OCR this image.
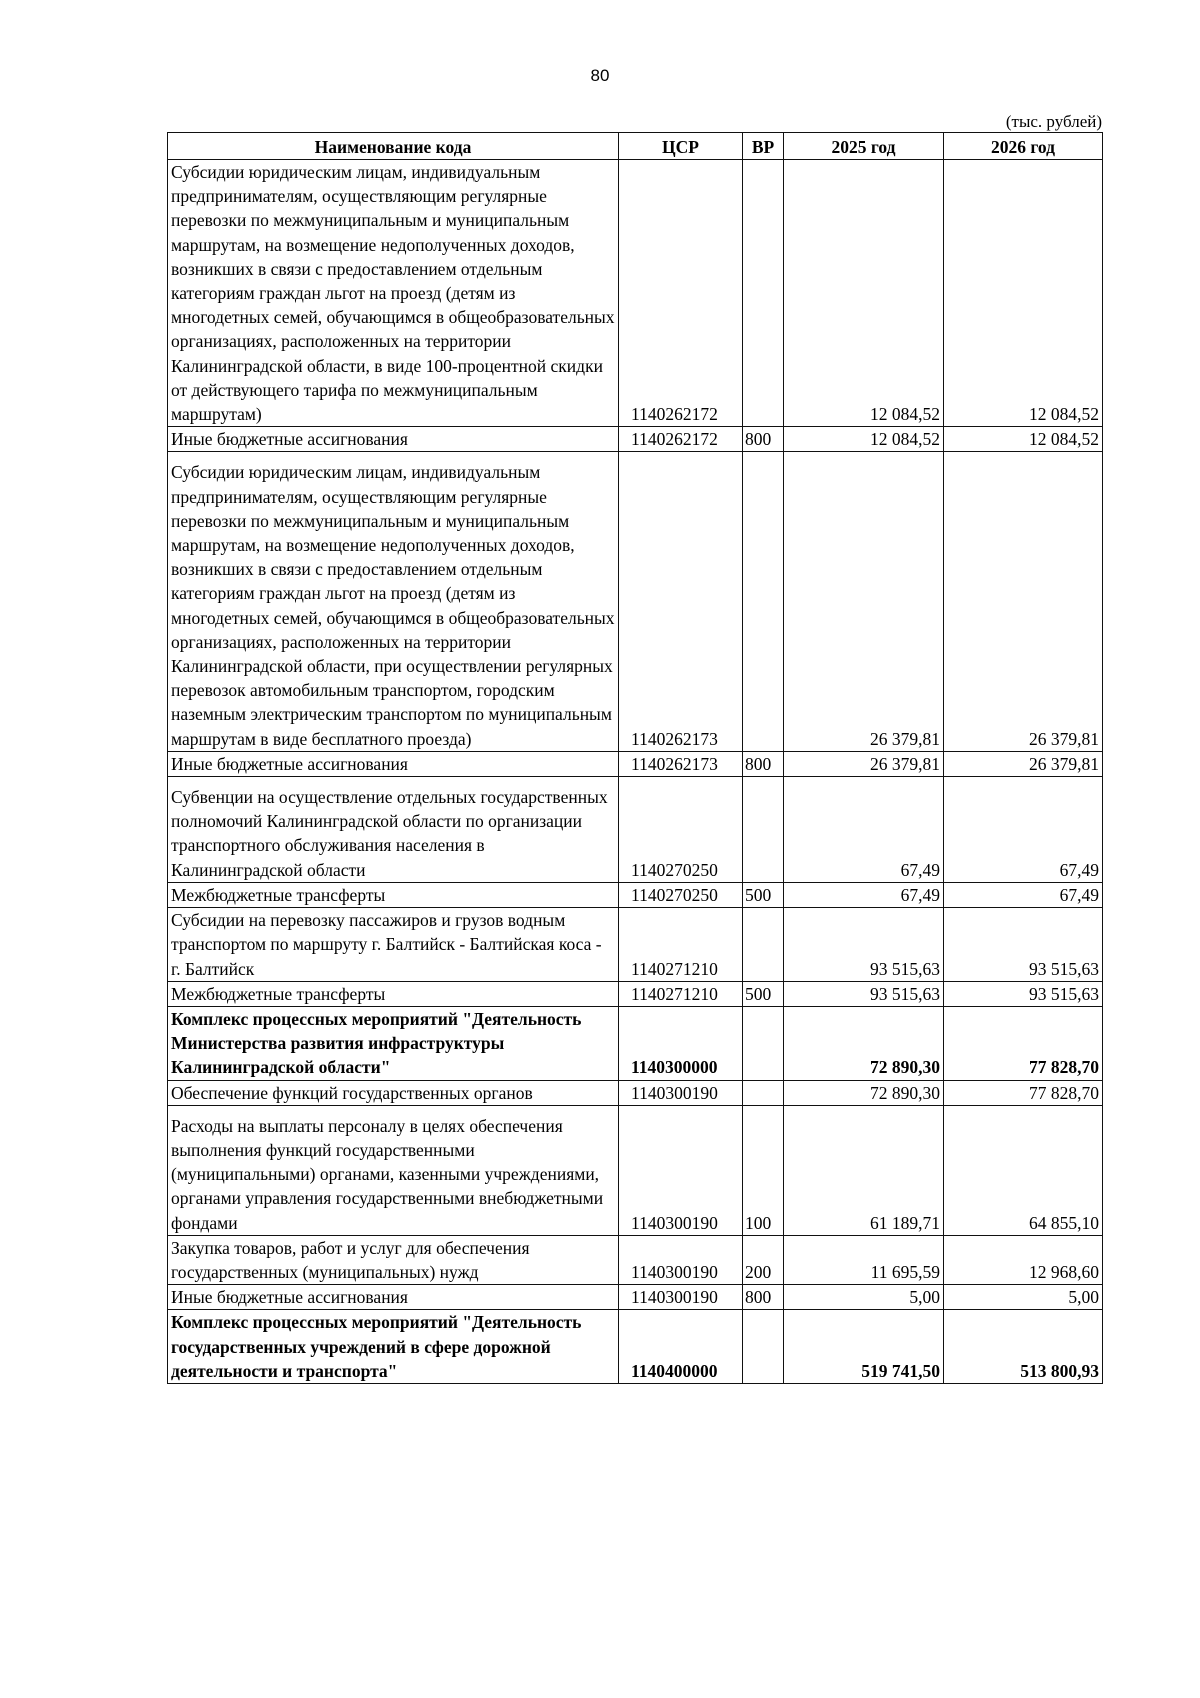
80
(тыс. рублей)
Наименование кода	ЦСР	ВР	2025 год	2026 год
Субсидии юридическим лицам, индивидуальным предпринимателям, осуществляющим регулярные перевозки по межмуниципальным и муниципальным маршрутам, на возмещение недополученных доходов, возникших в связи с предоставлением отдельным категориям граждан льгот на проезд (детям из многодетных семей, обучающимся в общеобразовательных организациях, расположенных на территории Калининградской области, в виде 100-процентной скидки от действующего тарифа по межмуниципальным маршрутам)	1140262172		12 084,52	12 084,52
Иные бюджетные ассигнования	1140262172	800	12 084,52	12 084,52
Субсидии юридическим лицам, индивидуальным предпринимателям, осуществляющим регулярные перевозки по межмуниципальным и муниципальным маршрутам, на возмещение недополученных доходов, возникших в связи с предоставлением отдельным категориям граждан льгот на проезд (детям из многодетных семей, обучающимся в общеобразовательных организациях, расположенных на территории Калининградской области, при осуществлении регулярных перевозок автомобильным транспортом, городским наземным электрическим транспортом по муниципальным маршрутам в виде бесплатного проезда)	1140262173		26 379,81	26 379,81
Иные бюджетные ассигнования	1140262173	800	26 379,81	26 379,81
Субвенции на осуществление отдельных государственных полномочий Калининградской области по организации транспортного обслуживания населения в Калининградской области	1140270250		67,49	67,49
Межбюджетные трансферты	1140270250	500	67,49	67,49
Субсидии на перевозку пассажиров и грузов водным транспортом по маршруту г. Балтийск - Балтийская коса - г. Балтийск	1140271210		93 515,63	93 515,63
Межбюджетные трансферты	1140271210	500	93 515,63	93 515,63
Комплекс процессных мероприятий "Деятельность Министерства развития инфраструктуры Калининградской области"	1140300000		72 890,30	77 828,70
Обеспечение функций государственных органов	1140300190		72 890,30	77 828,70
Расходы на выплаты персоналу в целях обеспечения выполнения функций государственными (муниципальными) органами, казенными учреждениями, органами управления государственными внебюджетными фондами	1140300190	100	61 189,71	64 855,10
Закупка товаров, работ и услуг для обеспечения государственных (муниципальных) нужд	1140300190	200	11 695,59	12 968,60
Иные бюджетные ассигнования	1140300190	800	5,00	5,00
Комплекс процессных мероприятий "Деятельность государственных учреждений в сфере дорожной деятельности и транспорта"	1140400000		519 741,50	513 800,93
